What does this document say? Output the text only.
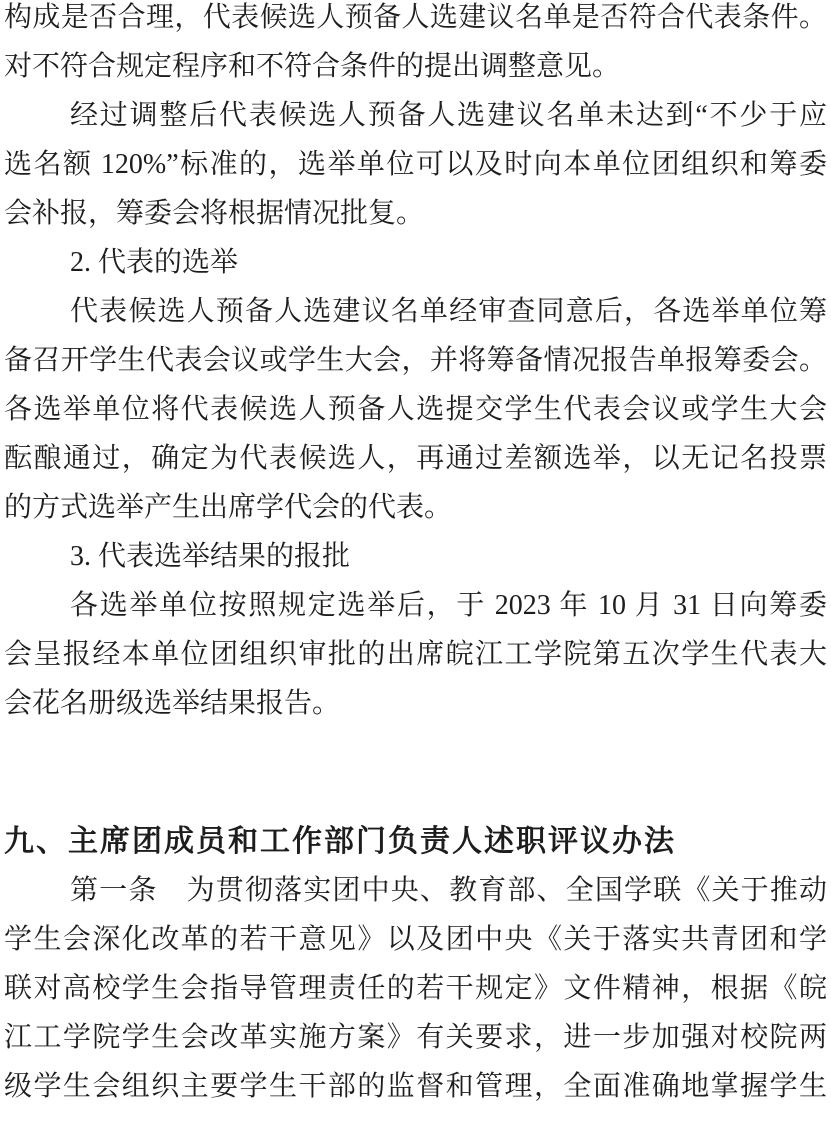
构成是否合理，代表候选人预备人选建议名单是否符合代表条件。
对不符合规定程序和不符合条件的提出调整意见。
经过调整后代表候选人预备人选建议名单未达到“不少于应
选名额 120%”标准的，选举单位可以及时向本单位团组织和筹委
会补报，筹委会将根据情况批复。
2. 代表的选举
代表候选人预备人选建议名单经审查同意后，各选举单位筹
备召开学生代表会议或学生大会，并将筹备情况报告单报筹委会。
各选举单位将代表候选人预备人选提交学生代表会议或学生大会
酝酿通过，确定为代表候选人，再通过差额选举，以无记名投票
的方式选举产生出席学代会的代表。
3. 代表选举结果的报批
各选举单位按照规定选举后，于 2023 年 10 月 31 日向筹委
会呈报经本单位团组织审批的出席皖江工学院第五次学生代表大
会花名册级选举结果报告。
九、主席团成员和工作部门负责人述职评议办法
第一条　为贯彻落实团中央、教育部、全国学联《关于推动
学生会深化改革的若干意见》以及团中央《关于落实共青团和学
联对高校学生会指导管理责任的若干规定》文件精神，根据《皖
江工学院学生会改革实施方案》有关要求，进一步加强对校院两
级学生会组织主要学生干部的监督和管理，全面准确地掌握学生
